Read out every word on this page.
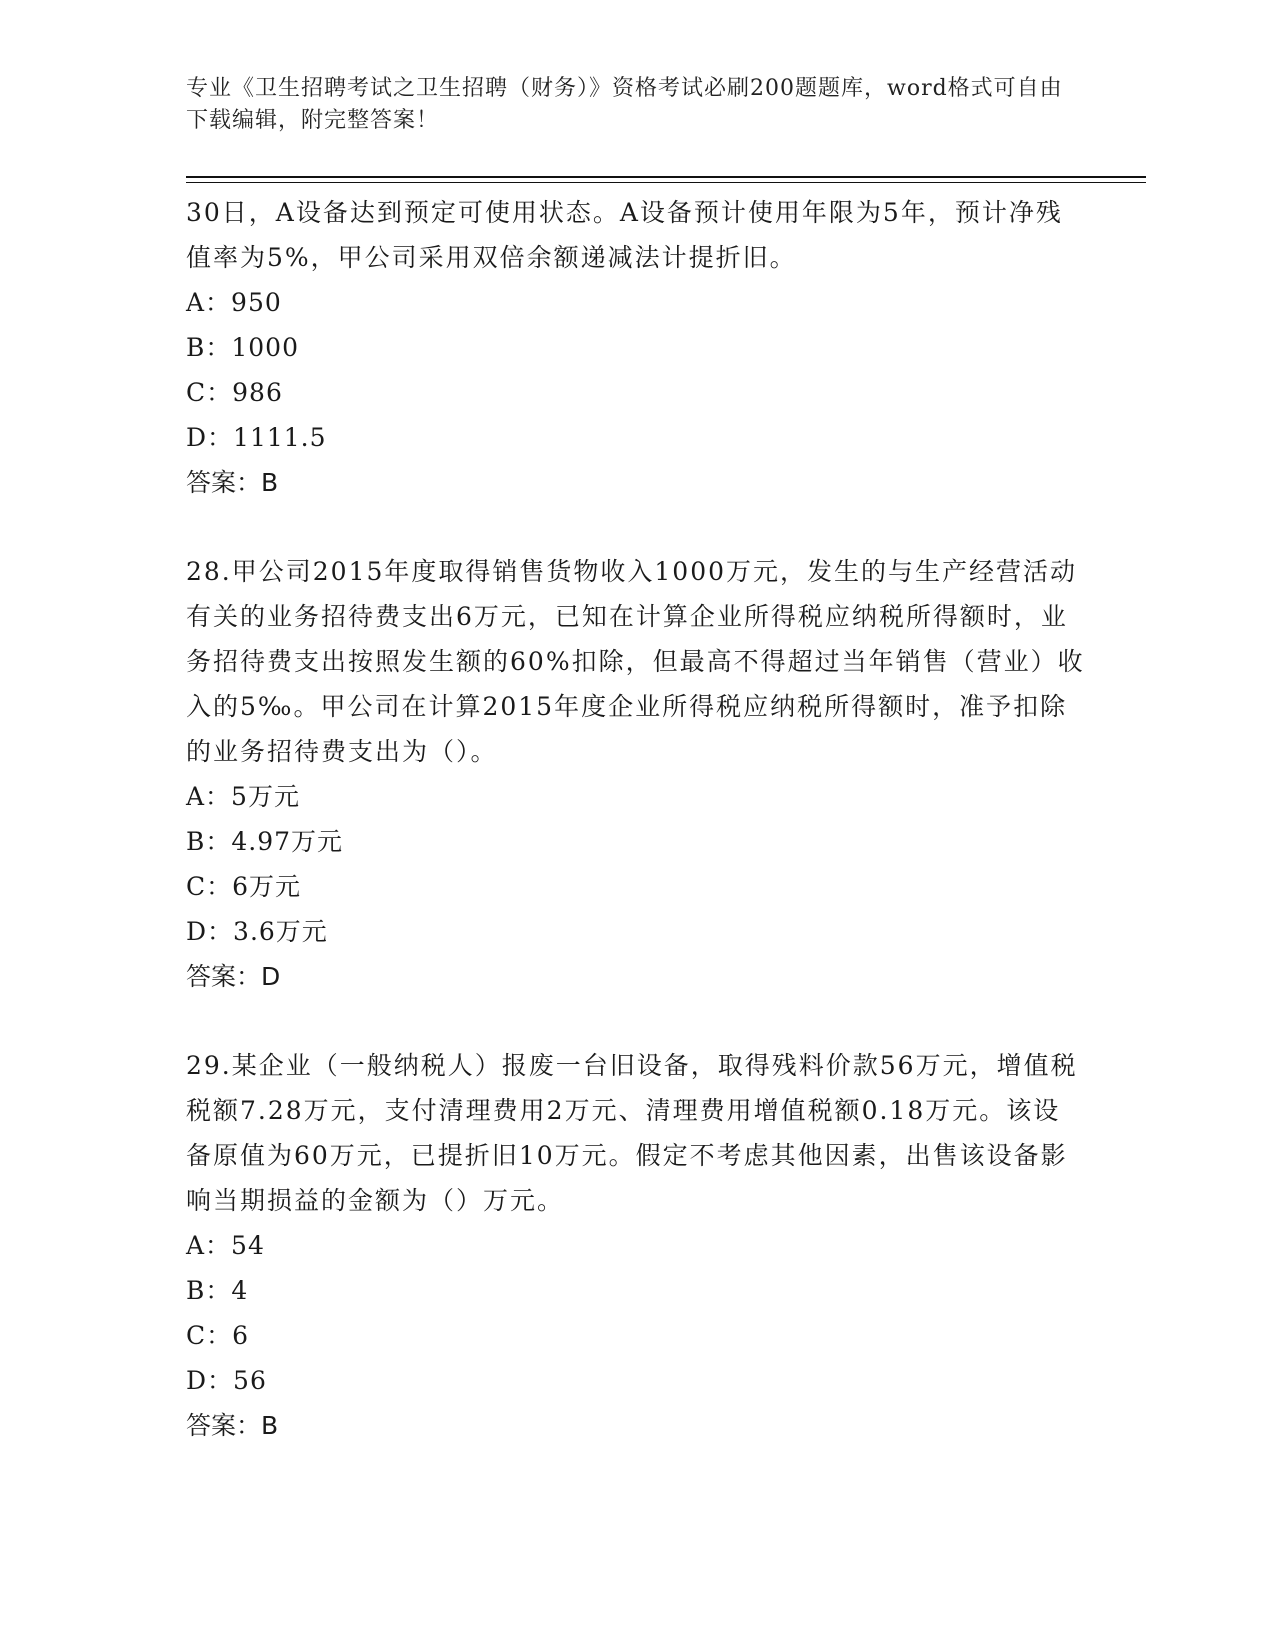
专业《卫生招聘考试之卫生招聘（财务）》资格考试必刷200题题库，word格式可自由下载编辑，附完整答案！

30日，A设备达到预定可使用状态。A设备预计使用年限为5年，预计净残值率为5%，甲公司采用双倍余额递减法计提折旧。

A：950

B：1000

C：986

D：1111.5

答案：B

28.甲公司2015年度取得销售货物收入1000万元，发生的与生产经营活动有关的业务招待费支出6万元，已知在计算企业所得税应纳税所得额时，业务招待费支出按照发生额的60%扣除，但最高不得超过当年销售（营业）收入的5‰。甲公司在计算2015年度企业所得税应纳税所得额时，准予扣除的业务招待费支出为（）。

A：5万元

B：4.97万元

C：6万元

D：3.6万元

答案：D

29.某企业（一般纳税人）报废一台旧设备，取得残料价款56万元，增值税税额7.28万元，支付清理费用2万元、清理费用增值税额0.18万元。该设备原值为60万元，已提折旧10万元。假定不考虑其他因素，出售该设备影响当期损益的金额为（）万元。

A：54

B：4

C：6

D：56

答案：B
